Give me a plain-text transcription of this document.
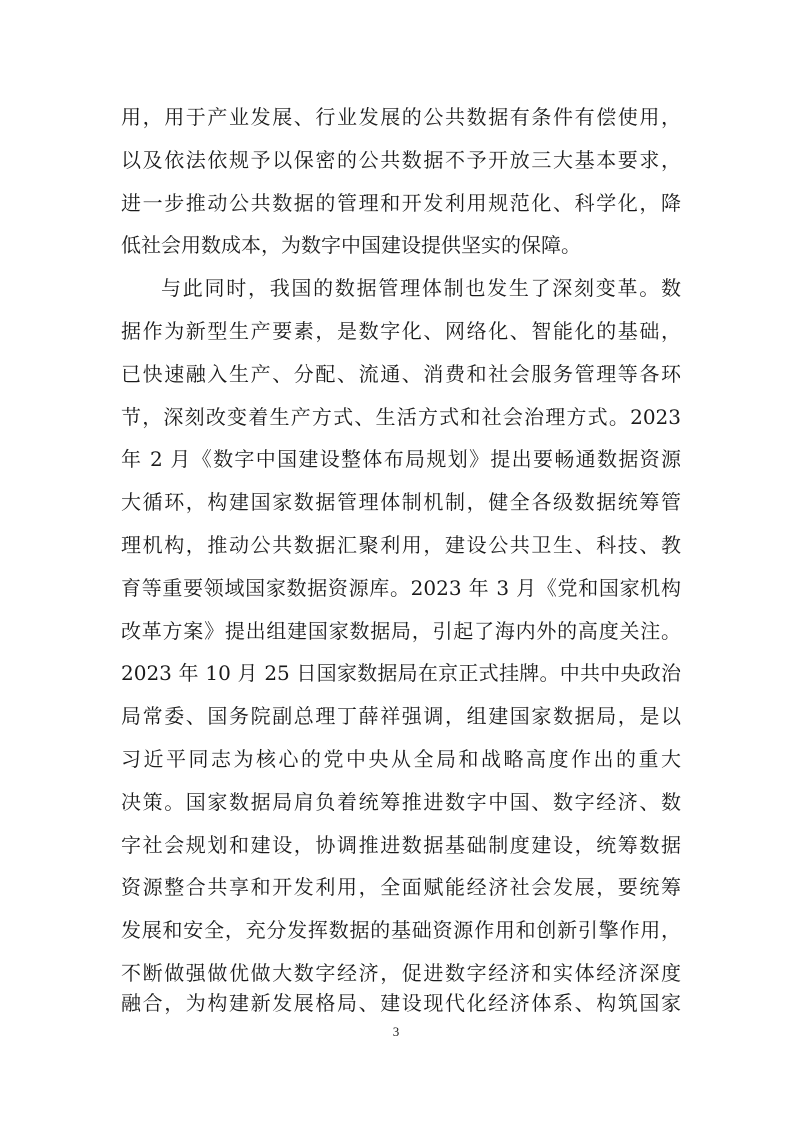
用，用于产业发展、行业发展的公共数据有条件有偿使用，
以及依法依规予以保密的公共数据不予开放三大基本要求，
进一步推动公共数据的管理和开发利用规范化、科学化，降
低社会用数成本，为数字中国建设提供坚实的保障。
与此同时，我国的数据管理体制也发生了深刻变革。数
据作为新型生产要素，是数字化、网络化、智能化的基础，
已快速融入生产、分配、流通、消费和社会服务管理等各环
节，深刻改变着生产方式、生活方式和社会治理方式。2023
年 2 月《数字中国建设整体布局规划》提出要畅通数据资源
大循环，构建国家数据管理体制机制，健全各级数据统筹管
理机构，推动公共数据汇聚利用，建设公共卫生、科技、教
育等重要领域国家数据资源库。2023 年 3 月《党和国家机构
改革方案》提出组建国家数据局，引起了海内外的高度关注。
2023 年 10 月 25 日国家数据局在京正式挂牌。中共中央政治
局常委、国务院副总理丁薛祥强调，组建国家数据局，是以
习近平同志为核心的党中央从全局和战略高度作出的重大
决策。国家数据局肩负着统筹推进数字中国、数字经济、数
字社会规划和建设，协调推进数据基础制度建设，统筹数据
资源整合共享和开发利用，全面赋能经济社会发展，要统筹
发展和安全，充分发挥数据的基础资源作用和创新引擎作用，
不断做强做优做大数字经济，促进数字经济和实体经济深度
融合，为构建新发展格局、建设现代化经济体系、构筑国家
3
